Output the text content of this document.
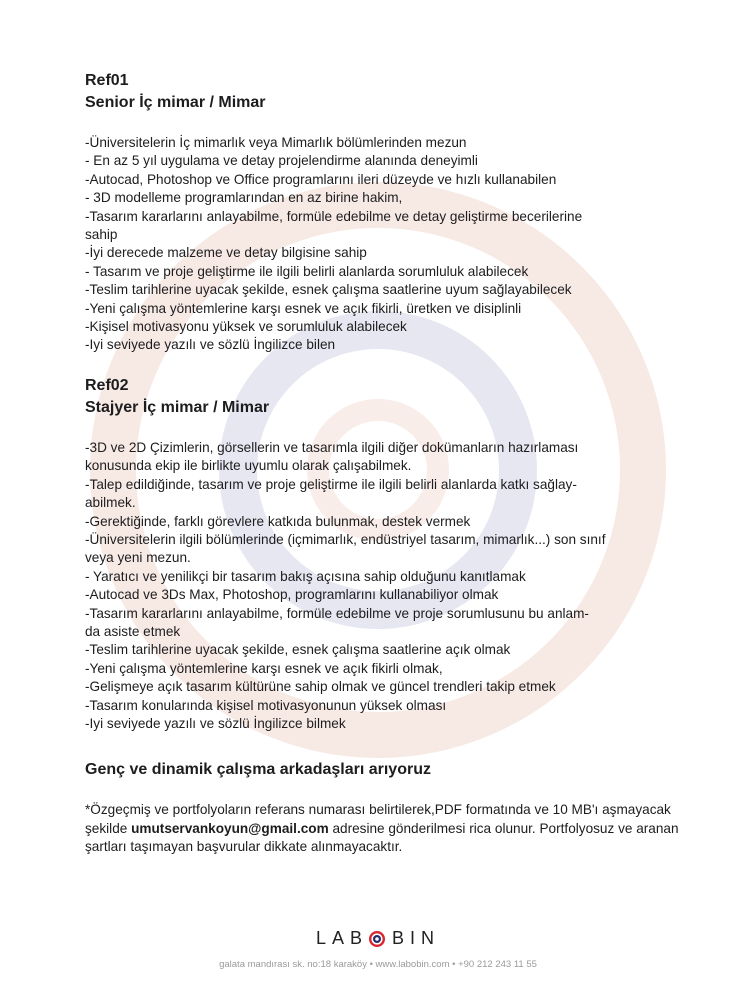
Ref01
Senior İç mimar / Mimar
-Üniversitelerin İç mimarlık veya Mimarlık bölümlerinden mezun
- En az 5 yıl uygulama ve detay projelendirme alanında deneyimli
-Autocad, Photoshop ve Office programlarını ileri düzeyde ve hızlı kullanabilen
- 3D modelleme programlarından en az birine hakim,
-Tasarım kararlarını anlayabilme, formüle edebilme ve detay geliştirme becerilerine
sahip
-İyi derecede malzeme ve detay bilgisine sahip
- Tasarım ve proje geliştirme ile ilgili belirli alanlarda sorumluluk alabilecek
-Teslim tarihlerine uyacak şekilde, esnek çalışma saatlerine uyum sağlayabilecek
-Yeni çalışma yöntemlerine karşı esnek ve açık fikirli, üretken ve disiplinli
-Kişisel motivasyonu yüksek ve sorumluluk alabilecek
-Iyi seviyede yazılı ve sözlü İngilizce bilen
Ref02
Stajyer İç mimar / Mimar
-3D ve 2D Çizimlerin, görsellerin ve tasarımla ilgili diğer dokümanların hazırlaması
konusunda ekip ile birlikte uyumlu olarak çalışabilmek.
-Talep edildiğinde, tasarım ve proje geliştirme ile ilgili belirli alanlarda katkı sağlay-
abilmek.
-Gerektiğinde, farklı görevlere katkıda bulunmak, destek vermek
-Üniversitelerin ilgili bölümlerinde (içmimarlık, endüstriyel tasarım, mimarlık...) son sınıf
veya yeni mezun.
- Yaratıcı ve yenilikçi bir tasarım bakış açısına sahip olduğunu kanıtlamak
-Autocad ve 3Ds Max, Photoshop, programlarını kullanabiliyor olmak
-Tasarım kararlarını anlayabilme, formüle edebilme ve proje sorumlusunu bu anlam-
da asiste etmek
-Teslim tarihlerine uyacak şekilde, esnek çalışma saatlerine açık olmak
-Yeni çalışma yöntemlerine karşı esnek ve açık fikirli olmak,
-Gelişmeye açık tasarım kültürüne sahip olmak ve güncel trendleri takip etmek
-Tasarım konularında kişisel motivasyonunun yüksek olması
-Iyi seviyede yazılı ve sözlü İngilizce bilmek
Genç ve dinamik çalışma arkadaşları arıyoruz

*Özgeçmiş ve portfolyoların referans numarası belirtilerek,PDF formatında ve 10 MB'ı aşmayacak şekilde umutservankoyun@gmail.com adresine gönderilmesi rica olunur. Portfolyosuz ve aranan şartları taşımayan başvurular dikkate alınmayacaktır.

LAB BIN
galata mandırası sk. no:18 karaköy • www.labobin.com • +90 212 243 11 55
